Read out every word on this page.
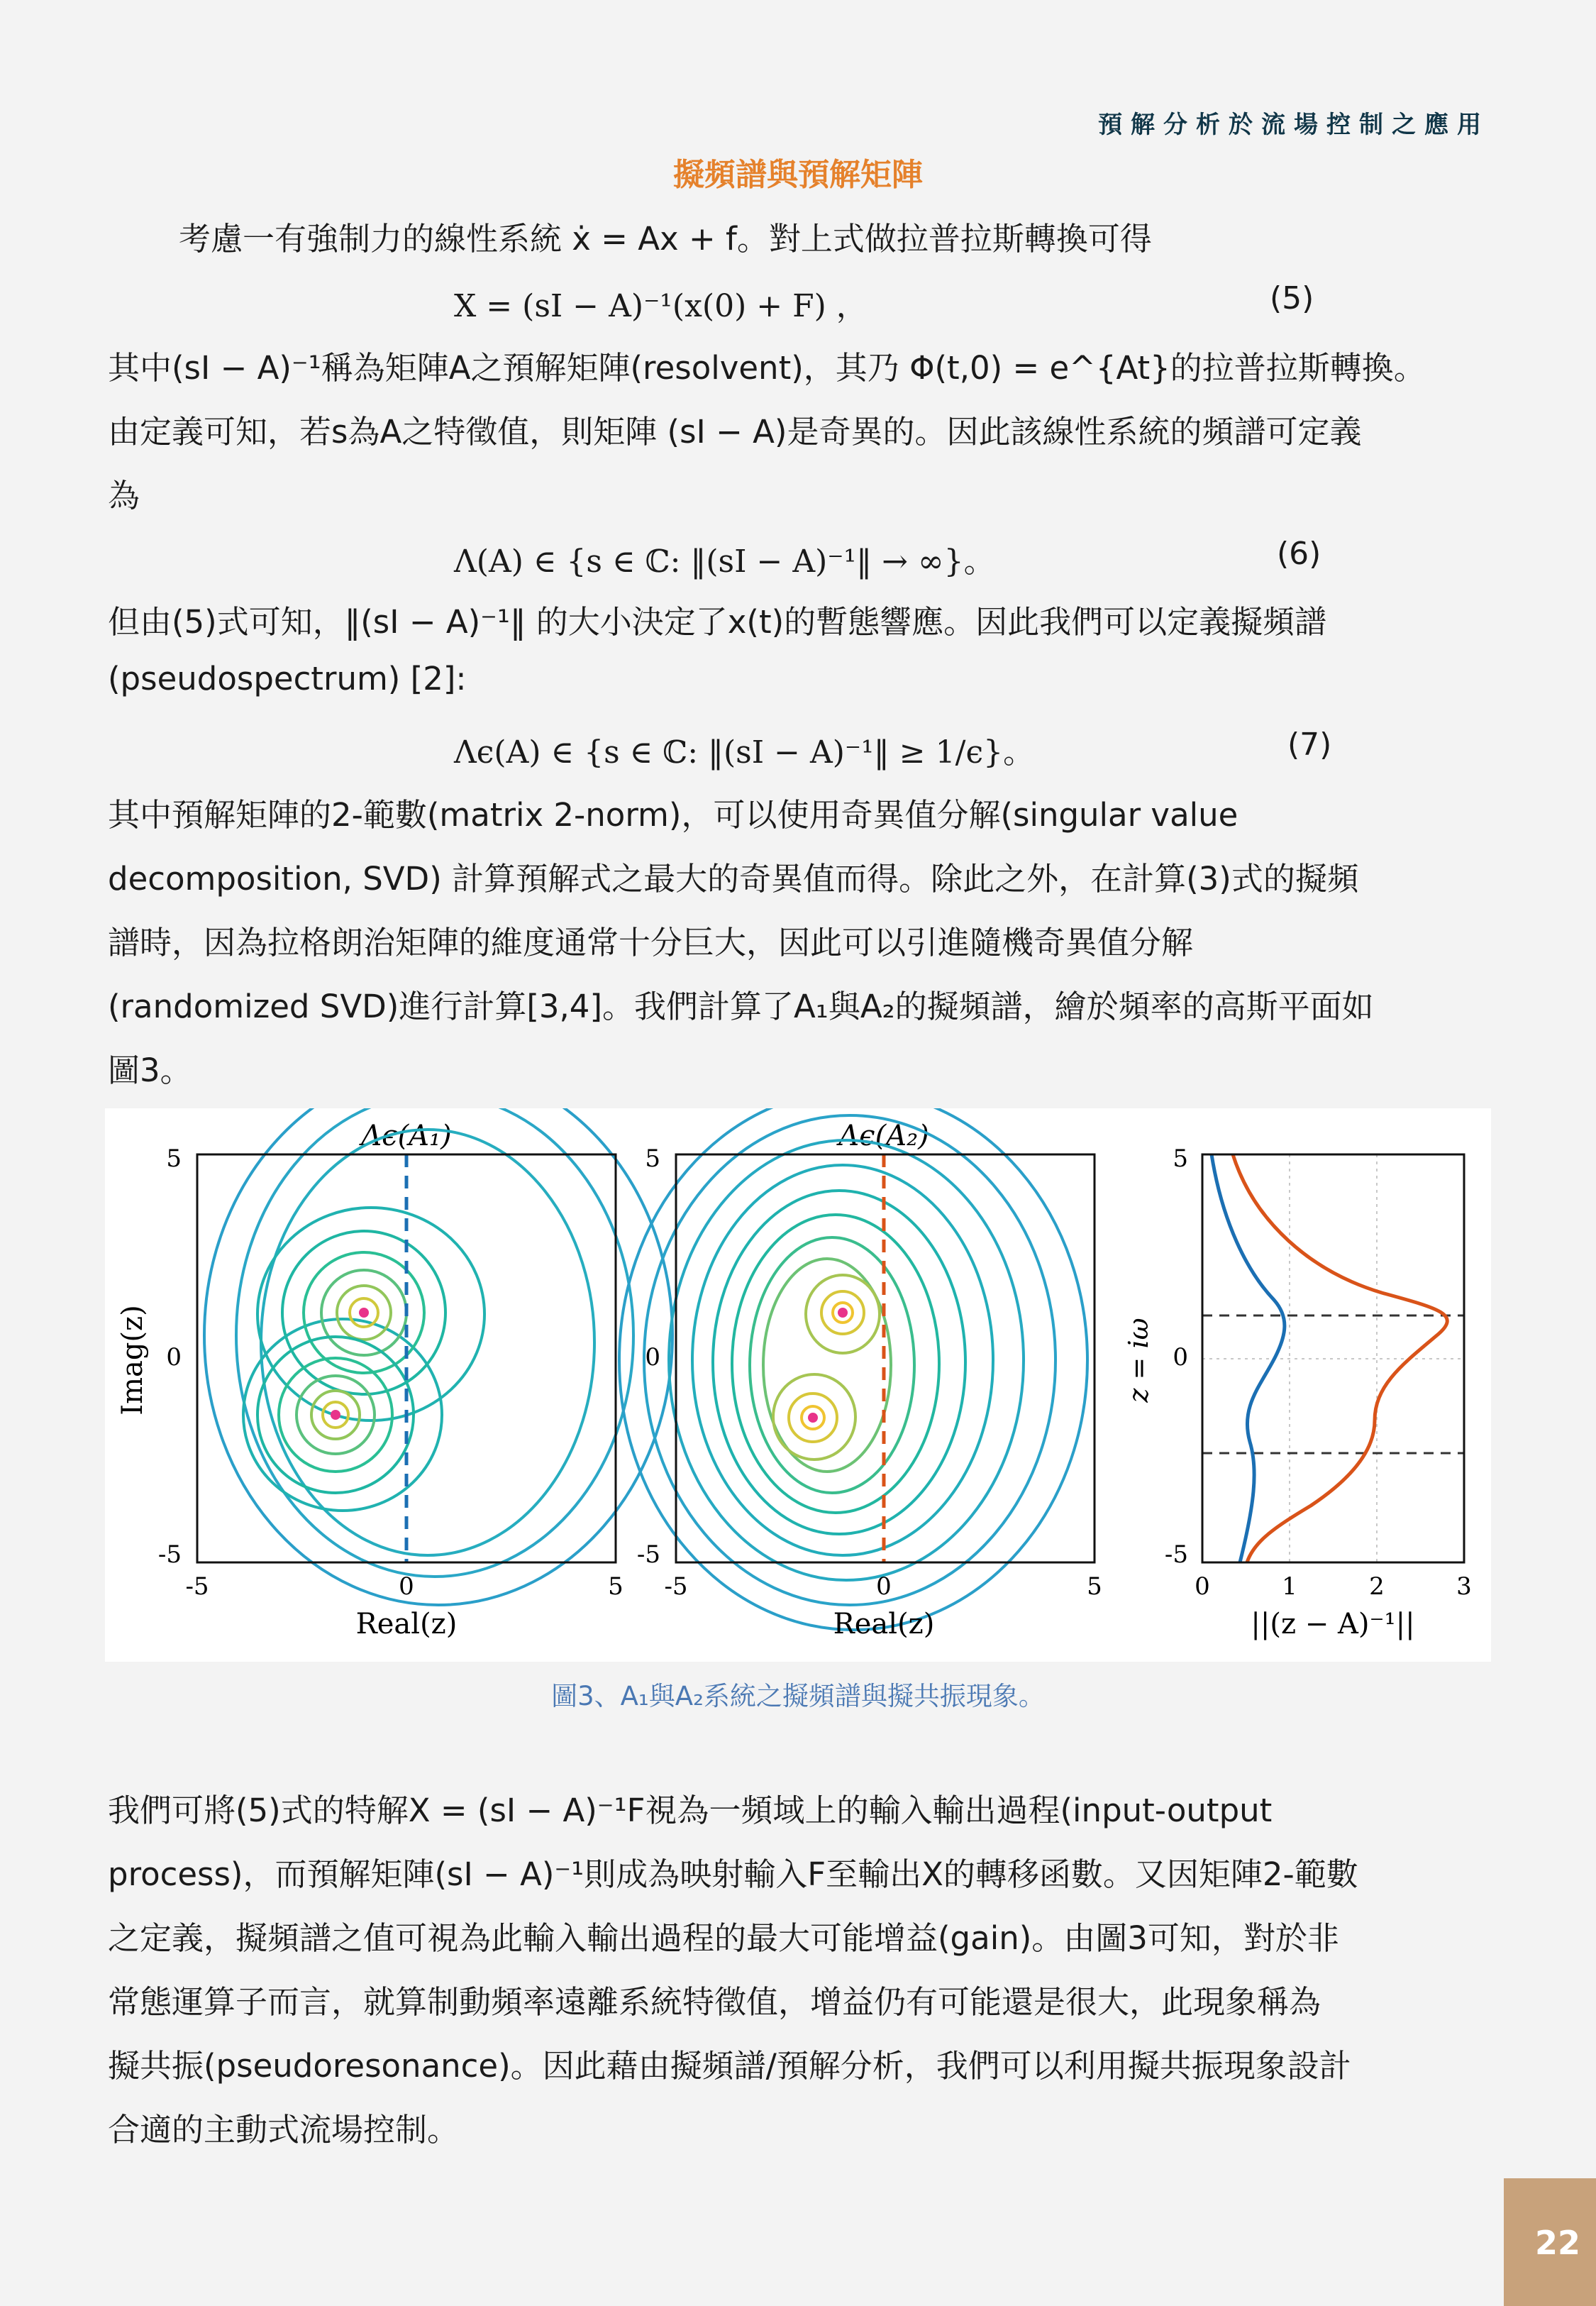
預解分析於流場控制之應用
擬頻譜與預解矩陣
考慮一有強制力的線性系統 ẋ = Ax + f。對上式做拉普拉斯轉換可得
X = (sI − A)⁻¹(x(0) + F) ，	(5)
其中(sI − A)⁻¹稱為矩陣A之預解矩陣(resolvent)，其乃 Φ(t,0) = e^{At}的拉普拉斯轉換。
由定義可知，若s為A之特徵值，則矩陣 (sI − A)是奇異的。因此該線性系統的頻譜可定義
為
Λ(A) ∈ {s ∈ ℂ: ‖(sI − A)⁻¹‖ → ∞}。	(6)
但由(5)式可知，‖(sI − A)⁻¹‖ 的大小決定了x(t)的暫態響應。因此我們可以定義擬頻譜
(pseudospectrum) [2]:
Λϵ(A) ∈ {s ∈ ℂ: ‖(sI − A)⁻¹‖ ≥ 1/ϵ}。	(7)
其中預解矩陣的2-範數(matrix 2-norm)，可以使用奇異值分解(singular value
decomposition, SVD) 計算預解式之最大的奇異值而得。除此之外，在計算(3)式的擬頻
譜時，因為拉格朗治矩陣的維度通常十分巨大，因此可以引進隨機奇異值分解
(randomized SVD)進行計算[3,4]。我們計算了A₁與A₂的擬頻譜，繪於頻率的高斯平面如
圖3。
Λϵ(A₁)
5
0
-5
-5	0	5
Real(z)
Imag(z)
Λϵ(A₂)
5
0
-5
-5	0	5
Real(z)
5
0
-5
0	1	2	3
||(z − A)⁻¹||
z = iω
圖3、A₁與A₂系統之擬頻譜與擬共振現象。
我們可將(5)式的特解X = (sI − A)⁻¹F視為一頻域上的輸入輸出過程(input-output
process)，而預解矩陣(sI − A)⁻¹則成為映射輸入F至輸出X的轉移函數。又因矩陣2-範數
之定義，擬頻譜之值可視為此輸入輸出過程的最大可能增益(gain)。由圖3可知，對於非
常態運算子而言，就算制動頻率遠離系統特徵值，增益仍有可能還是很大，此現象稱為
擬共振(pseudoresonance)。因此藉由擬頻譜/預解分析，我們可以利用擬共振現象設計
合適的主動式流場控制。
22
